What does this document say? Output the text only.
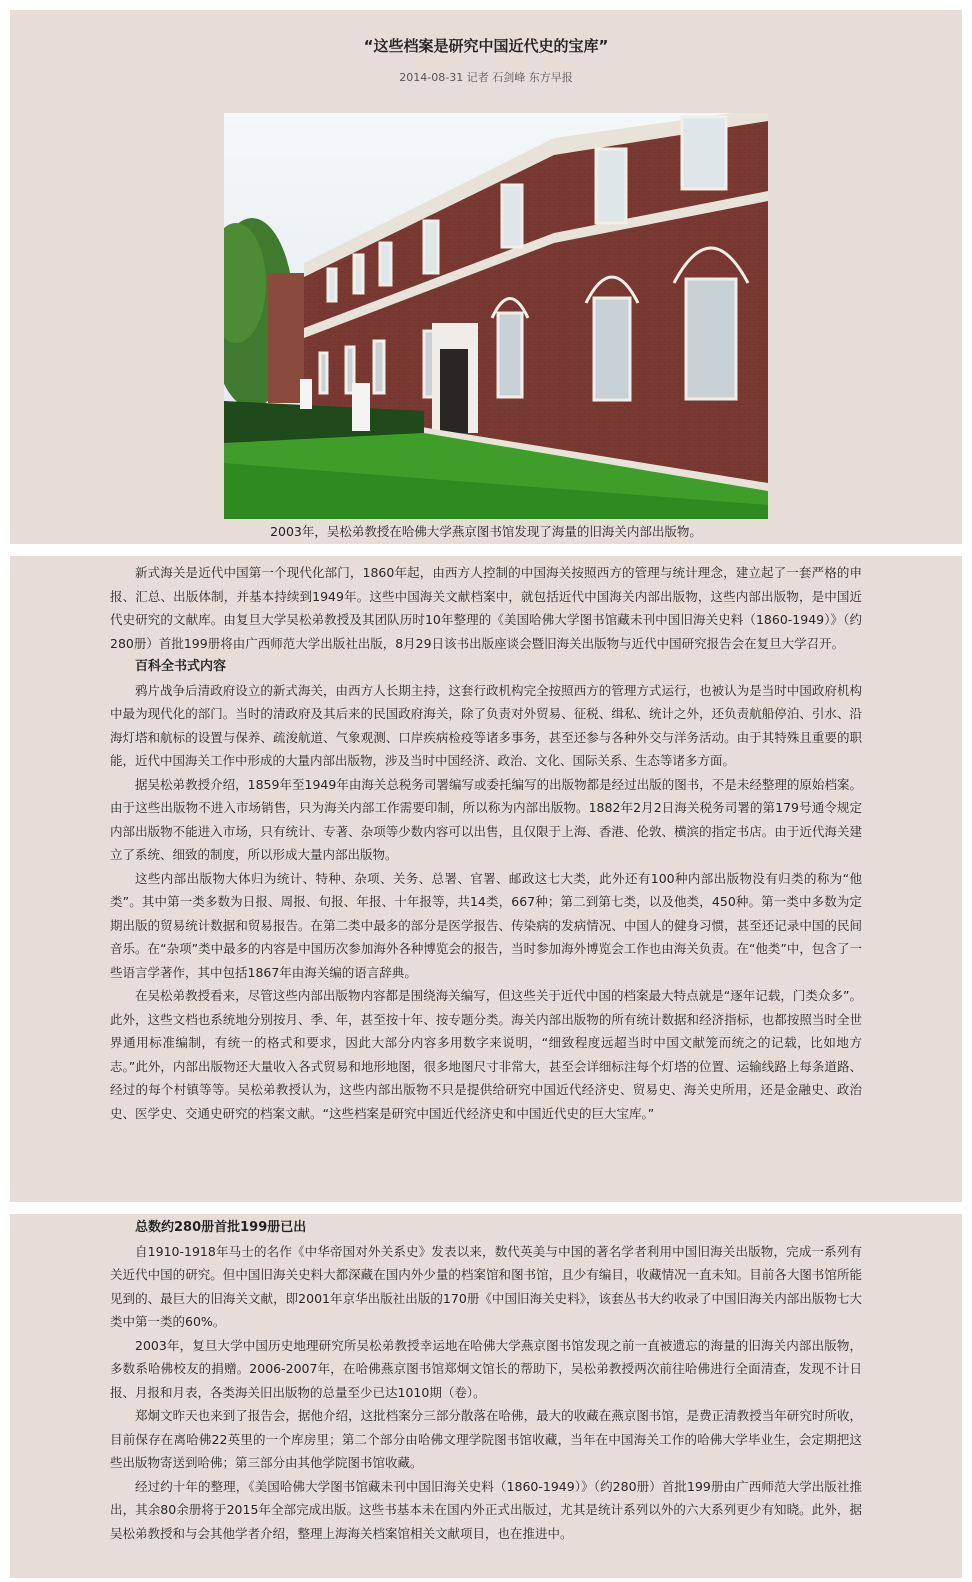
“这些档案是研究中国近代史的宝库”
2014-08-31 记者 石剑峰 东方早报
2003年，吴松弟教授在哈佛大学燕京图书馆发现了海量的旧海关内部出版物。

新式海关是近代中国第一个现代化部门，1860年起，由西方人控制的中国海关按照西方的管理与统计理念，建立起了一套严格的申报、汇总、出版体制，并基本持续到1949年。这些中国海关文献档案中，就包括近代中国海关内部出版物，这些内部出版物，是中国近代史研究的文献库。由复旦大学吴松弟教授及其团队历时10年整理的《美国哈佛大学图书馆藏未刊中国旧海关史料（1860-1949）》（约280册）首批199册将由广西师范大学出版社出版，8月29日该书出版座谈会暨旧海关出版物与近代中国研究报告会在复旦大学召开。

百科全书式内容

鸦片战争后清政府设立的新式海关，由西方人长期主持，这套行政机构完全按照西方的管理方式运行，也被认为是当时中国政府机构中最为现代化的部门。当时的清政府及其后来的民国政府海关，除了负责对外贸易、征税、缉私、统计之外，还负责航船停泊、引水、沿海灯塔和航标的设置与保养、疏浚航道、气象观测、口岸疾病检疫等诸多事务，甚至还参与各种外交与洋务活动。由于其特殊且重要的职能，近代中国海关工作中形成的大量内部出版物，涉及当时中国经济、政治、文化、国际关系、生态等诸多方面。

据吴松弟教授介绍，1859年至1949年由海关总税务司署编写或委托编写的出版物都是经过出版的图书，不是未经整理的原始档案。由于这些出版物不进入市场销售，只为海关内部工作需要印制，所以称为内部出版物。1882年2月2日海关税务司署的第179号通令规定内部出版物不能进入市场，只有统计、专著、杂项等少数内容可以出售，且仅限于上海、香港、伦敦、横滨的指定书店。由于近代海关建立了系统、细致的制度，所以形成大量内部出版物。

这些内部出版物大体归为统计、特种、杂项、关务、总署、官署、邮政这七大类，此外还有100种内部出版物没有归类的称为“他类”。其中第一类多数为日报、周报、旬报、年报、十年报等，共14类，667种；第二到第七类，以及他类，450种。第一类中多数为定期出版的贸易统计数据和贸易报告。在第二类中最多的部分是医学报告、传染病的发病情况、中国人的健身习惯，甚至还记录中国的民间音乐。在“杂项”类中最多的内容是中国历次参加海外各种博览会的报告，当时参加海外博览会工作也由海关负责。在“他类”中，包含了一些语言学著作，其中包括1867年由海关编的语言辞典。

在吴松弟教授看来，尽管这些内部出版物内容都是围绕海关编写，但这些关于近代中国的档案最大特点就是“逐年记载，门类众多”。此外，这些文档也系统地分别按月、季、年，甚至按十年、按专题分类。海关内部出版物的所有统计数据和经济指标，也都按照当时全世界通用标准编制，有统一的格式和要求，因此大部分内容多用数字来说明，“细致程度远超当时中国文献笼而统之的记载，比如地方志。”此外，内部出版物还大量收入各式贸易和地形地图，很多地图尺寸非常大，甚至会详细标注每个灯塔的位置、运输线路上每条道路、经过的每个村镇等等。吴松弟教授认为，这些内部出版物不只是提供给研究中国近代经济史、贸易史、海关史所用，还是金融史、政治史、医学史、交通史研究的档案文献。“这些档案是研究中国近代经济史和中国近代史的巨大宝库。”

总数约280册首批199册已出

自1910-1918年马士的名作《中华帝国对外关系史》发表以来，数代英美与中国的著名学者利用中国旧海关出版物，完成一系列有关近代中国的研究。但中国旧海关史料大都深藏在国内外少量的档案馆和图书馆，且少有编目，收藏情况一直未知。目前各大图书馆所能见到的、最巨大的旧海关文献，即2001年京华出版社出版的170册《中国旧海关史料》，该套丛书大约收录了中国旧海关内部出版物七大类中第一类的60%。

2003年，复旦大学中国历史地理研究所吴松弟教授幸运地在哈佛大学燕京图书馆发现之前一直被遗忘的海量的旧海关内部出版物，多数系哈佛校友的捐赠。2006-2007年，在哈佛燕京图书馆郑炯文馆长的帮助下，吴松弟教授两次前往哈佛进行全面清查，发现不计日报、月报和月表，各类海关旧出版物的总量至少已达1010期（卷）。

郑炯文昨天也来到了报告会，据他介绍，这批档案分三部分散落在哈佛，最大的收藏在燕京图书馆，是费正清教授当年研究时所收，目前保存在离哈佛22英里的一个库房里；第二个部分由哈佛文理学院图书馆收藏，当年在中国海关工作的哈佛大学毕业生，会定期把这些出版物寄送到哈佛；第三部分由其他学院图书馆收藏。

经过约十年的整理，《美国哈佛大学图书馆藏未刊中国旧海关史料（1860-1949）》（约280册）首批199册由广西师范大学出版社推出，其余80余册将于2015年全部完成出版。这些书基本未在国内外正式出版过，尤其是统计系列以外的六大系列更少有知晓。此外，据吴松弟教授和与会其他学者介绍，整理上海海关档案馆相关文献项目，也在推进中。
